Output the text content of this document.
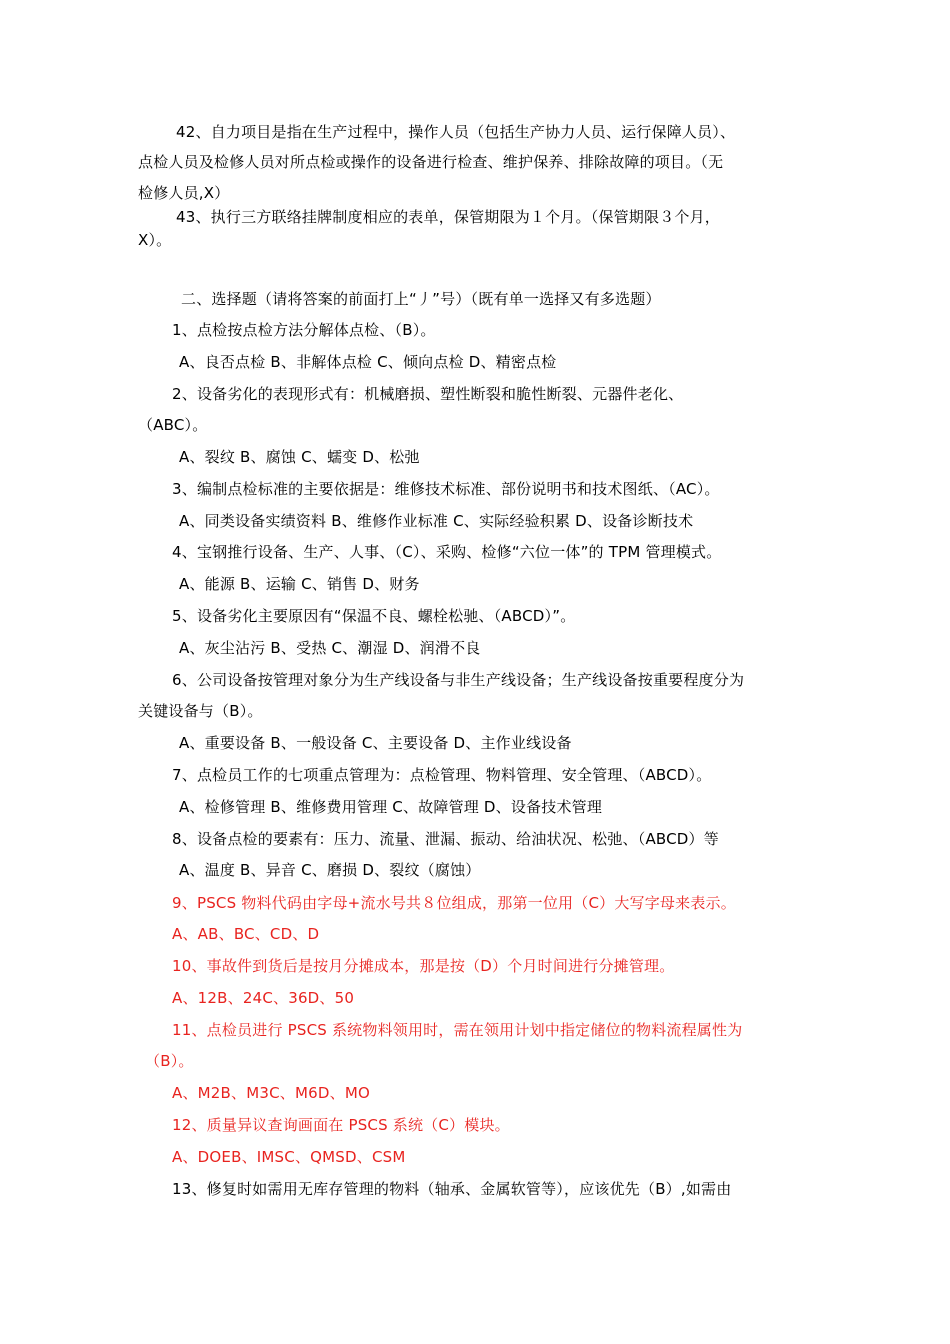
42、自力项目是指在生产过程中，操作人员（包括生产协力人员、运行保障人员）、
点检人员及检修人员对所点检或操作的设备进行检查、维护保养、排除故障的项目。（无
检修人员,X）
43、执行三方联络挂牌制度相应的表单，保管期限为１个月。（保管期限３个月，
X）。
二、选择题（请将答案的前面打上“丿”号）（既有单一选择又有多选题）
1、点检按点检方法分解体点检、（B）。
A、良否点检 B、非解体点检 C、倾向点检 D、精密点检
2、设备劣化的表现形式有：机械磨损、塑性断裂和脆性断裂、元器件老化、
（ABC）。
A、裂纹 B、腐蚀 C、蠕变 D、松弛
3、编制点检标准的主要依据是：维修技术标准、部份说明书和技术图纸、（AC）。
A、同类设备实绩资料 B、维修作业标准 C、实际经验积累 D、设备诊断技术
4、宝钢推行设备、生产、人事、（C）、采购、检修“六位一体”的 TPM 管理模式。
A、能源 B、运输 C、销售 D、财务
5、设备劣化主要原因有“保温不良、螺栓松驰、（ABCD）”。
A、灰尘沾污 B、受热 C、潮湿 D、润滑不良
6、公司设备按管理对象分为生产线设备与非生产线设备；生产线设备按重要程度分为
关键设备与（B）。
A、重要设备 B、一般设备 C、主要设备 D、主作业线设备
7、点检员工作的七项重点管理为：点检管理、物料管理、安全管理、（ABCD）。
A、检修管理 B、维修费用管理 C、故障管理 D、设备技术管理
8、设备点检的要素有：压力、流量、泄漏、振动、给油状况、松弛、（ABCD）等
A、温度 B、异音 C、磨损 D、裂纹（腐蚀）
9、PSCS 物料代码由字母+流水号共８位组成，那第一位用（C）大写字母来表示。
A、AB、BC、CD、D
10、事故件到货后是按月分摊成本，那是按（D）个月时间进行分摊管理。
A、12B、24C、36D、50
11、点检员进行 PSCS 系统物料领用时，需在领用计划中指定储位的物料流程属性为
（B）。
A、M2B、M3C、M6D、MO
12、质量异议查询画面在 PSCS 系统（C）模块。
A、DOEB、IMSC、QMSD、CSM
13、修复时如需用无库存管理的物料（轴承、金属软管等），应该优先（B）,如需由
